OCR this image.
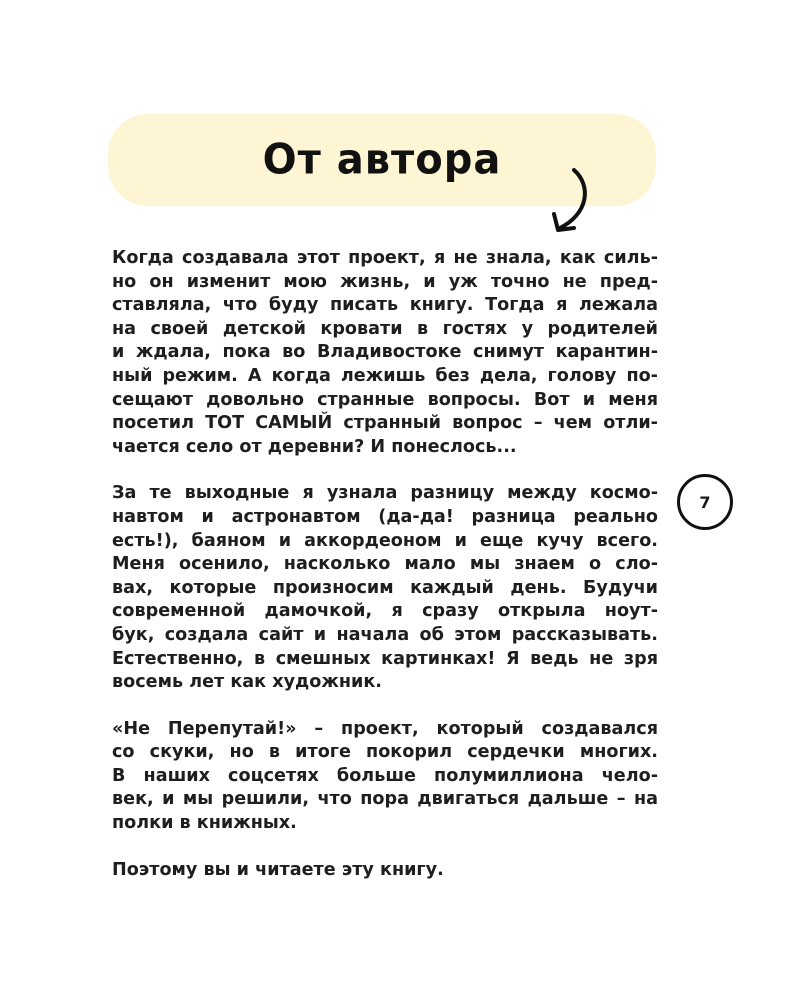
От автора
Когда создавала этот проект, я не знала, как силь-
но он изменит мою жизнь, и уж точно не пред-
ставляла, что буду писать книгу. Тогда я лежала
на своей детской кровати в гостях у родителей
и ждала, пока во Владивостоке снимут карантин-
ный режим. А когда лежишь без дела, голову по-
сещают довольно странные вопросы. Вот и меня
посетил ТОТ САМЫЙ странный вопрос – чем отли-
чается село от деревни? И понеслось...
За те выходные я узнала разницу между космо-
навтом и астронавтом (да-да! разница реально
есть!), баяном и аккордеоном и еще кучу всего.
Меня осенило, насколько мало мы знаем о сло-
вах, которые произносим каждый день. Будучи
современной дамочкой, я сразу открыла ноут-
бук, создала сайт и начала об этом рассказывать.
Естественно, в смешных картинках! Я ведь не зря
восемь лет как художник.
«Не Перепутай!» – проект, который создавался
со скуки, но в итоге покорил сердечки многих.
В наших соцсетях больше полумиллиона чело-
век, и мы решили, что пора двигаться дальше – на
полки в книжных.
Поэтому вы и читаете эту книгу.
7
